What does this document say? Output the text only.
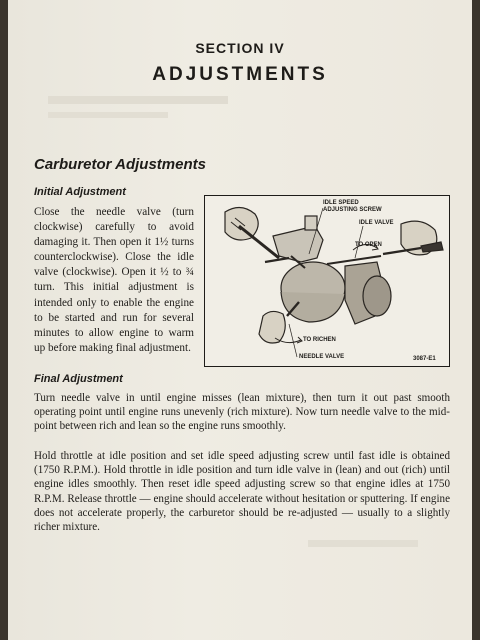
SECTION IV
ADJUSTMENTS
Carburetor Adjustments
Initial Adjustment
Close the needle valve (turn clockwise) carefully to avoid damaging it. Then open it 1½ turns counterclockwise). Close the idle valve (clockwise). Open it ½ to ¾ turn. This initial adjustment is intended only to enable the engine to be started and run for several minutes to allow engine to warm up before making final adjustment.
IDLE SPEED
ADJUSTING SCREW
IDLE VALVE
TO OPEN
TO RICHEN
NEEDLE VALVE	3087-E1
Final Adjustment
Turn needle valve in until engine misses (lean mixture), then turn it out past smooth operating point until engine runs unevenly (rich mixture). Now turn needle valve to the mid-point between rich and lean so the engine runs smoothly.
Hold throttle at idle position and set idle speed adjusting screw until fast idle is obtained (1750 R.P.M.). Hold throttle in idle position and turn idle valve in (lean) and out (rich) until engine idles smoothly. Then reset idle speed adjusting screw so that engine idles at 1750 R.P.M. Release throttle — engine should accelerate without hesitation or sputtering. If engine does not accelerate properly, the carburetor should be re-adjusted — usually to a slightly richer mixture.
